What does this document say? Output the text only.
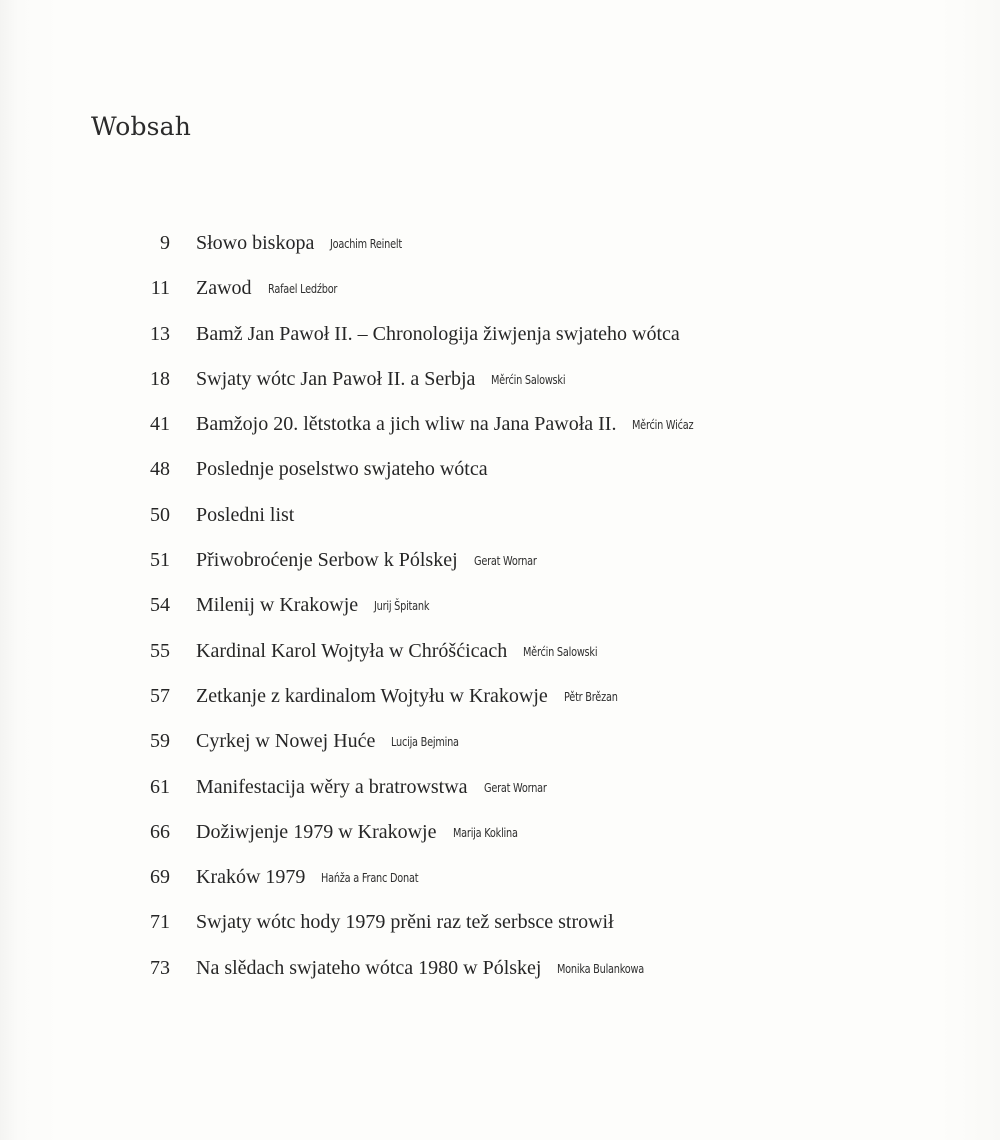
Wobsah
9 Słowo biskopa Joachim Reinelt
11 Zawod Rafael Ledźbor
13 Bamž Jan Pawoł II. – Chronologija žiwjenja swjateho wótca
18 Swjaty wótc Jan Pawoł II. a Serbja Měrćin Salowski
41 Bamžojo 20. lětstotka a jich wliw na Jana Pawoła II. Měrćin Wićaz
48 Poslednje poselstwo swjateho wótca
50 Posledni list
51 Přiwobroćenje Serbow k Pólskej Gerat Wornar
54 Milenij w Krakowje Jurij Špitank
55 Kardinal Karol Wojtyła w Chróšćicach Měrćin Salowski
57 Zetkanje z kardinalom Wojtyłu w Krakowje Pětr Brězan
59 Cyrkej w Nowej Huće Lucija Bejmina
61 Manifestacija wěry a bratrowstwa Gerat Wornar
66 Dožiwjenje 1979 w Krakowje Marija Koklina
69 Kraków 1979 Hańža a Franc Donat
71 Swjaty wótc hody 1979 prěni raz tež serbsce strowił
73 Na slědach swjateho wótca 1980 w Pólskej Monika Bulankowa
